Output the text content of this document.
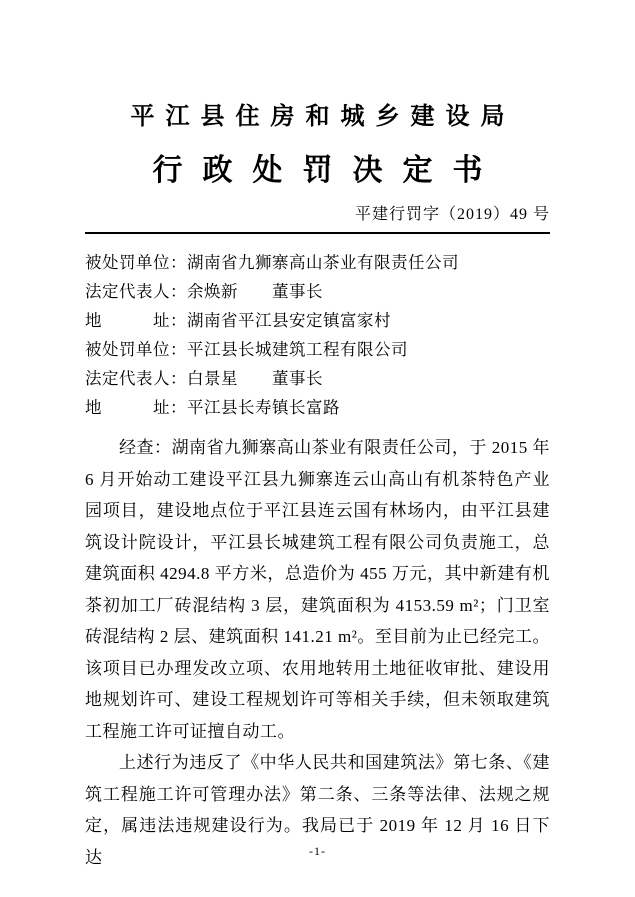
平江县住房和城乡建设局
行政处罚决定书
平建行罚字（2019）49 号
被处罚单位：湖南省九狮寨高山茶业有限责任公司
法定代表人：余焕新　　董事长
地　　　址：湖南省平江县安定镇富家村
被处罚单位：平江县长城建筑工程有限公司
法定代表人：白景星　　董事长
地　　　址：平江县长寿镇长富路

经查：湖南省九狮寨高山茶业有限责任公司，于 2015 年 6 月开始动工建设平江县九狮寨连云山高山有机茶特色产业园项目，建设地点位于平江县连云国有林场内，由平江县建筑设计院设计，平江县长城建筑工程有限公司负责施工，总建筑面积 4294.8 平方米，总造价为 455 万元，其中新建有机茶初加工厂砖混结构 3 层，建筑面积为 4153.59 m²；门卫室砖混结构 2 层、建筑面积 141.21 m²。至目前为止已经完工。该项目已办理发改立项、农用地转用土地征收审批、建设用地规划许可、建设工程规划许可等相关手续，但未领取建筑工程施工许可证擅自动工。

上述行为违反了《中华人民共和国建筑法》第七条、《建筑工程施工许可管理办法》第二条、三条等法律、法规之规定，属违法违规建设行为。我局已于 2019 年 12 月 16 日下达	-1-
